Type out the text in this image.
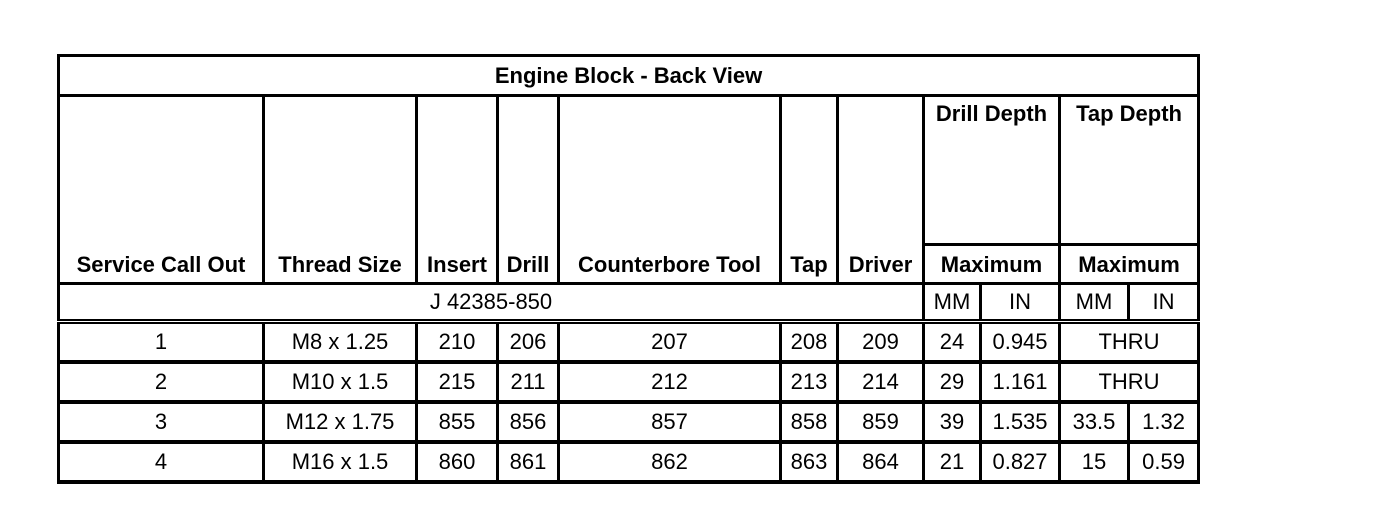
Engine Block - Back View										
Service Call Out	Thread Size	Insert	Drill	Counterbore Tool	Tap	Driver	Drill Depth		Tap Depth	
							Maximum		Maximum	
J 42385-850							MM	IN	MM	IN
1	M8 x 1.25	210	206	207	208	209	24	0.945	THRU	
2	M10 x 1.5	215	211	212	213	214	29	1.161	THRU	
3	M12 x 1.75	855	856	857	858	859	39	1.535	33.5	1.32
4	M16 x 1.5	860	861	862	863	864	21	0.827	15	0.59
